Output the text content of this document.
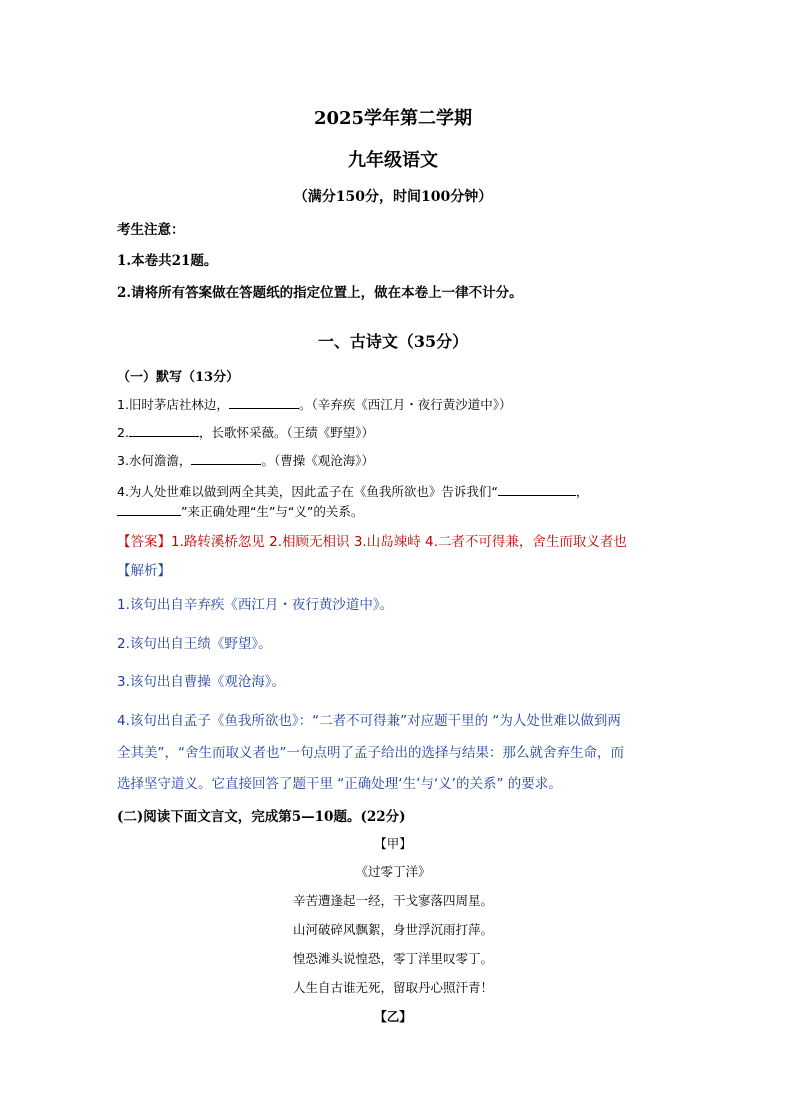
2025学年第二学期
九年级语文
（满分150分，时间100分钟）
考生注意：
1.本卷共21题。
2.请将所有答案做在答题纸的指定位置上，做在本卷上一律不计分。
一、古诗文（35分）
（一）默写（13分）
1.旧时茅店社林边，	。（辛弃疾《西江月・夜行黄沙道中》）
2.	，长歌怀采薇。（王绩《野望》）
3.水何澹澹，	。（曹操《观沧海》）
4.为人处世难以做到两全其美，因此孟子在《鱼我所欲也》告诉我们“	，
”来正确处理“生”与“义”的关系。
【答案】1.路转溪桥忽见 2.相顾无相识 3.山岛竦峙 4.二者不可得兼，舍生而取义者也
【解析】
1.该句出自辛弃疾《西江月・夜行黄沙道中》。
2.该句出自王绩《野望》。
3.该句出自曹操《观沧海》。
4.该句出自孟子《鱼我所欲也》：“二者不可得兼”对应题干里的 “为人处世难以做到两
全其美”，“舍生而取义者也”一句点明了孟子给出的选择与结果：那么就舍弃生命，而
选择坚守道义。它直接回答了题干里 “正确处理‘生’与‘义’的关系” 的要求。
(二)阅读下面文言文，完成第5—10题。(22分)
【甲】
《过零丁洋》
辛苦遭逢起一经，干戈寥落四周星。
山河破碎风飘絮，身世浮沉雨打萍。
惶恐滩头说惶恐，零丁洋里叹零丁。
人生自古谁无死，留取丹心照汗青！
【乙】
